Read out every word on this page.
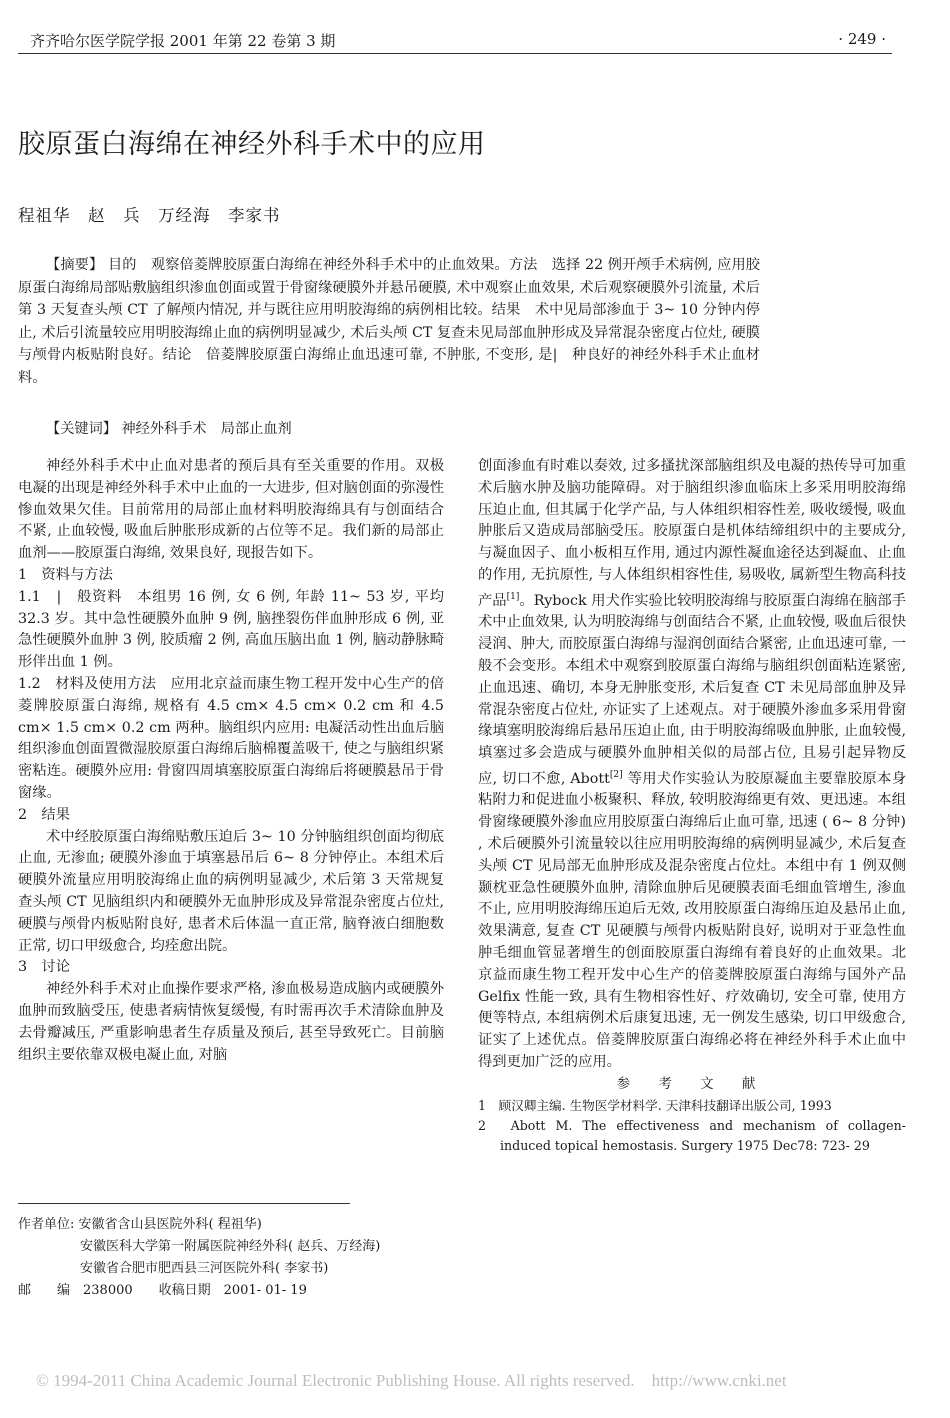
齐齐哈尔医学院学报 2001 年第 22 卷第 3 期	· 249 ·
胶原蛋白海绵在神经外科手术中的应用
程祖华　赵　兵　万经海　李家书
【摘要】 目的　观察倍菱牌胶原蛋白海绵在神经外科手术中的止血效果。方法　选择 22 例开颅手术病例, 应用胶原蛋白海绵局部贴敷脑组织渗血创面或置于骨窗缘硬膜外并悬吊硬膜, 术中观察止血效果, 术后观察硬膜外引流量, 术后第 3 天复查头颅 CT 了解颅内情况, 并与既往应用明胶海绵的病例相比较。结果　术中见局部渗血于 3~ 10 分钟内停止, 术后引流量较应用明胶海绵止血的病例明显减少, 术后头颅 CT 复查未见局部血肿形成及异常混杂密度占位灶, 硬膜与颅骨内板贴附良好。结论　倍菱牌胶原蛋白海绵止血迅速可靠, 不肿胀, 不变形, 是|　种良好的神经外科手术止血材料。
【关键词】 神经外科手术　局部止血剂

神经外科手术中止血对患者的预后具有至关重要的作用。双极电凝的出现是神经外科手术中止血的一大进步, 但对脑创面的弥漫性惨血效果欠佳。目前常用的局部止血材料明胶海绵具有与创面结合不紧, 止血较慢, 吸血后肿胀形成新的占位等不足。我们新的局部止血剂——胶原蛋白海绵, 效果良好, 现报告如下。

1　资料与方法

1.1　|　般资料　本组男 16 例, 女 6 例, 年龄 11~ 53 岁, 平均 32.3 岁。其中急性硬膜外血肿 9 例, 脑挫裂伤伴血肿形成 6 例, 亚急性硬膜外血肿 3 例, 胶质瘤 2 例, 高血压脑出血 1 例, 脑动静脉畸形伴出血 1 例。

1.2　材料及使用方法　应用北京益而康生物工程开发中心生产的倍菱牌胶原蛋白海绵, 规格有 4.5 cm× 4.5 cm× 0.2 cm 和 4.5 cm× 1.5 cm× 0.2 cm 两种。脑组织内应用: 电凝活动性出血后脑组织渗血创面置微湿胶原蛋白海绵后脑棉覆盖吸干, 使之与脑组织紧密粘连。硬膜外应用: 骨窗四周填塞胶原蛋白海绵后将硬膜悬吊于骨窗缘。

2　结果

术中经胶原蛋白海绵贴敷压迫后 3~ 10 分钟脑组织创面均彻底止血, 无渗血; 硬膜外渗血于填塞悬吊后 6~ 8 分钟停止。本组术后硬膜外流量应用明胶海绵止血的病例明显减少, 术后第 3 天常规复查头颅 CT 见脑组织内和硬膜外无血肿形成及异常混杂密度占位灶, 硬膜与颅骨内板贴附良好, 患者术后体温一直正常, 脑脊液白细胞数正常, 切口甲级愈合, 均痊愈出院。

3　讨论

神经外科手术对止血操作要求严格, 渗血极易造成脑内或硬膜外血肿而致脑受压, 使患者病情恢复缓慢, 有时需再次手术清除血肿及去骨瓣减压, 严重影响患者生存质量及预后, 甚至导致死亡。目前脑组织主要依靠双极电凝止血, 对脑

创面渗血有时难以奏效, 过多搔扰深部脑组织及电凝的热传导可加重术后脑水肿及脑功能障碍。对于脑组织渗血临床上多采用明胶海绵压迫止血, 但其属于化学产品, 与人体组织相容性差, 吸收缓慢, 吸血肿胀后又造成局部脑受压。胶原蛋白是机体结缔组织中的主要成分, 与凝血因子、血小板相互作用, 通过内源性凝血途径达到凝血、止血的作用, 无抗原性, 与人体组织相容性佳, 易吸收, 属新型生物高科技产品[1]。Rybock 用犬作实验比较明胶海绵与胶原蛋白海绵在脑部手术中止血效果, 认为明胶海绵与创面结合不紧, 止血较慢, 吸血后很快浸润、肿大, 而胶原蛋白海绵与湿润创面结合紧密, 止血迅速可靠, 一般不会变形。本组术中观察到胶原蛋白海绵与脑组织创面粘连紧密, 止血迅速、确切, 本身无肿胀变形, 术后复查 CT 未见局部血肿及异常混杂密度占位灶, 亦证实了上述观点。对于硬膜外渗血多采用骨窗缘填塞明胶海绵后悬吊压迫止血, 由于明胶海绵吸血肿胀, 止血较慢, 填塞过多会造成与硬膜外血肿相关似的局部占位, 且易引起异物反应, 切口不愈, Abott[2] 等用犬作实验认为胶原凝血主要靠胶原本身粘附力和促进血小板聚积、释放, 较明胶海绵更有效、更迅速。本组骨窗缘硬膜外渗血应用胶原蛋白海绵后止血可靠, 迅速 ( 6~ 8 分钟) , 术后硬膜外引流量较以往应用明胶海绵的病例明显减少, 术后复查头颅 CT 见局部无血肿形成及混杂密度占位灶。本组中有 1 例双侧颞枕亚急性硬膜外血肿, 清除血肿后见硬膜表面毛细血管增生, 渗血不止, 应用明胶海绵压迫后无效, 改用胶原蛋白海绵压迫及悬吊止血, 效果满意, 复查 CT 见硬膜与颅骨内板贴附良好, 说明对于亚急性血肿毛细血管显著增生的创面胶原蛋白海绵有着良好的止血效果。北京益而康生物工程开发中心生产的倍菱牌胶原蛋白海绵与国外产品 Gelfix 性能一致, 具有生物相容性好、疗效确切, 安全可靠, 使用方便等特点, 本组病例术后康复迅速, 无一例发生感染, 切口甲级愈合, 证实了上述优点。倍菱牌胶原蛋白海绵必将在神经外科手术止血中得到更加广泛的应用。

参 考 文 献

1　顾汉卿主编. 生物医学材料学. 天津科技翻译出版公司, 1993

2　Abott M. The effectiveness and mechanism of collagen- induced topical hemostasis. Surgery 1975 Dec78: 723- 29

作者单位: 安徽省含山县医院外科( 程祖华)
安徽医科大学第一附属医院神经外科( 赵兵、万经海)
安徽省合肥市肥西县三河医院外科( 李家书)
邮　　编　238000　　收稿日期　2001- 01- 19
© 1994-2011 China Academic Journal Electronic Publishing House. All rights reserved.　http://www.cnki.net
